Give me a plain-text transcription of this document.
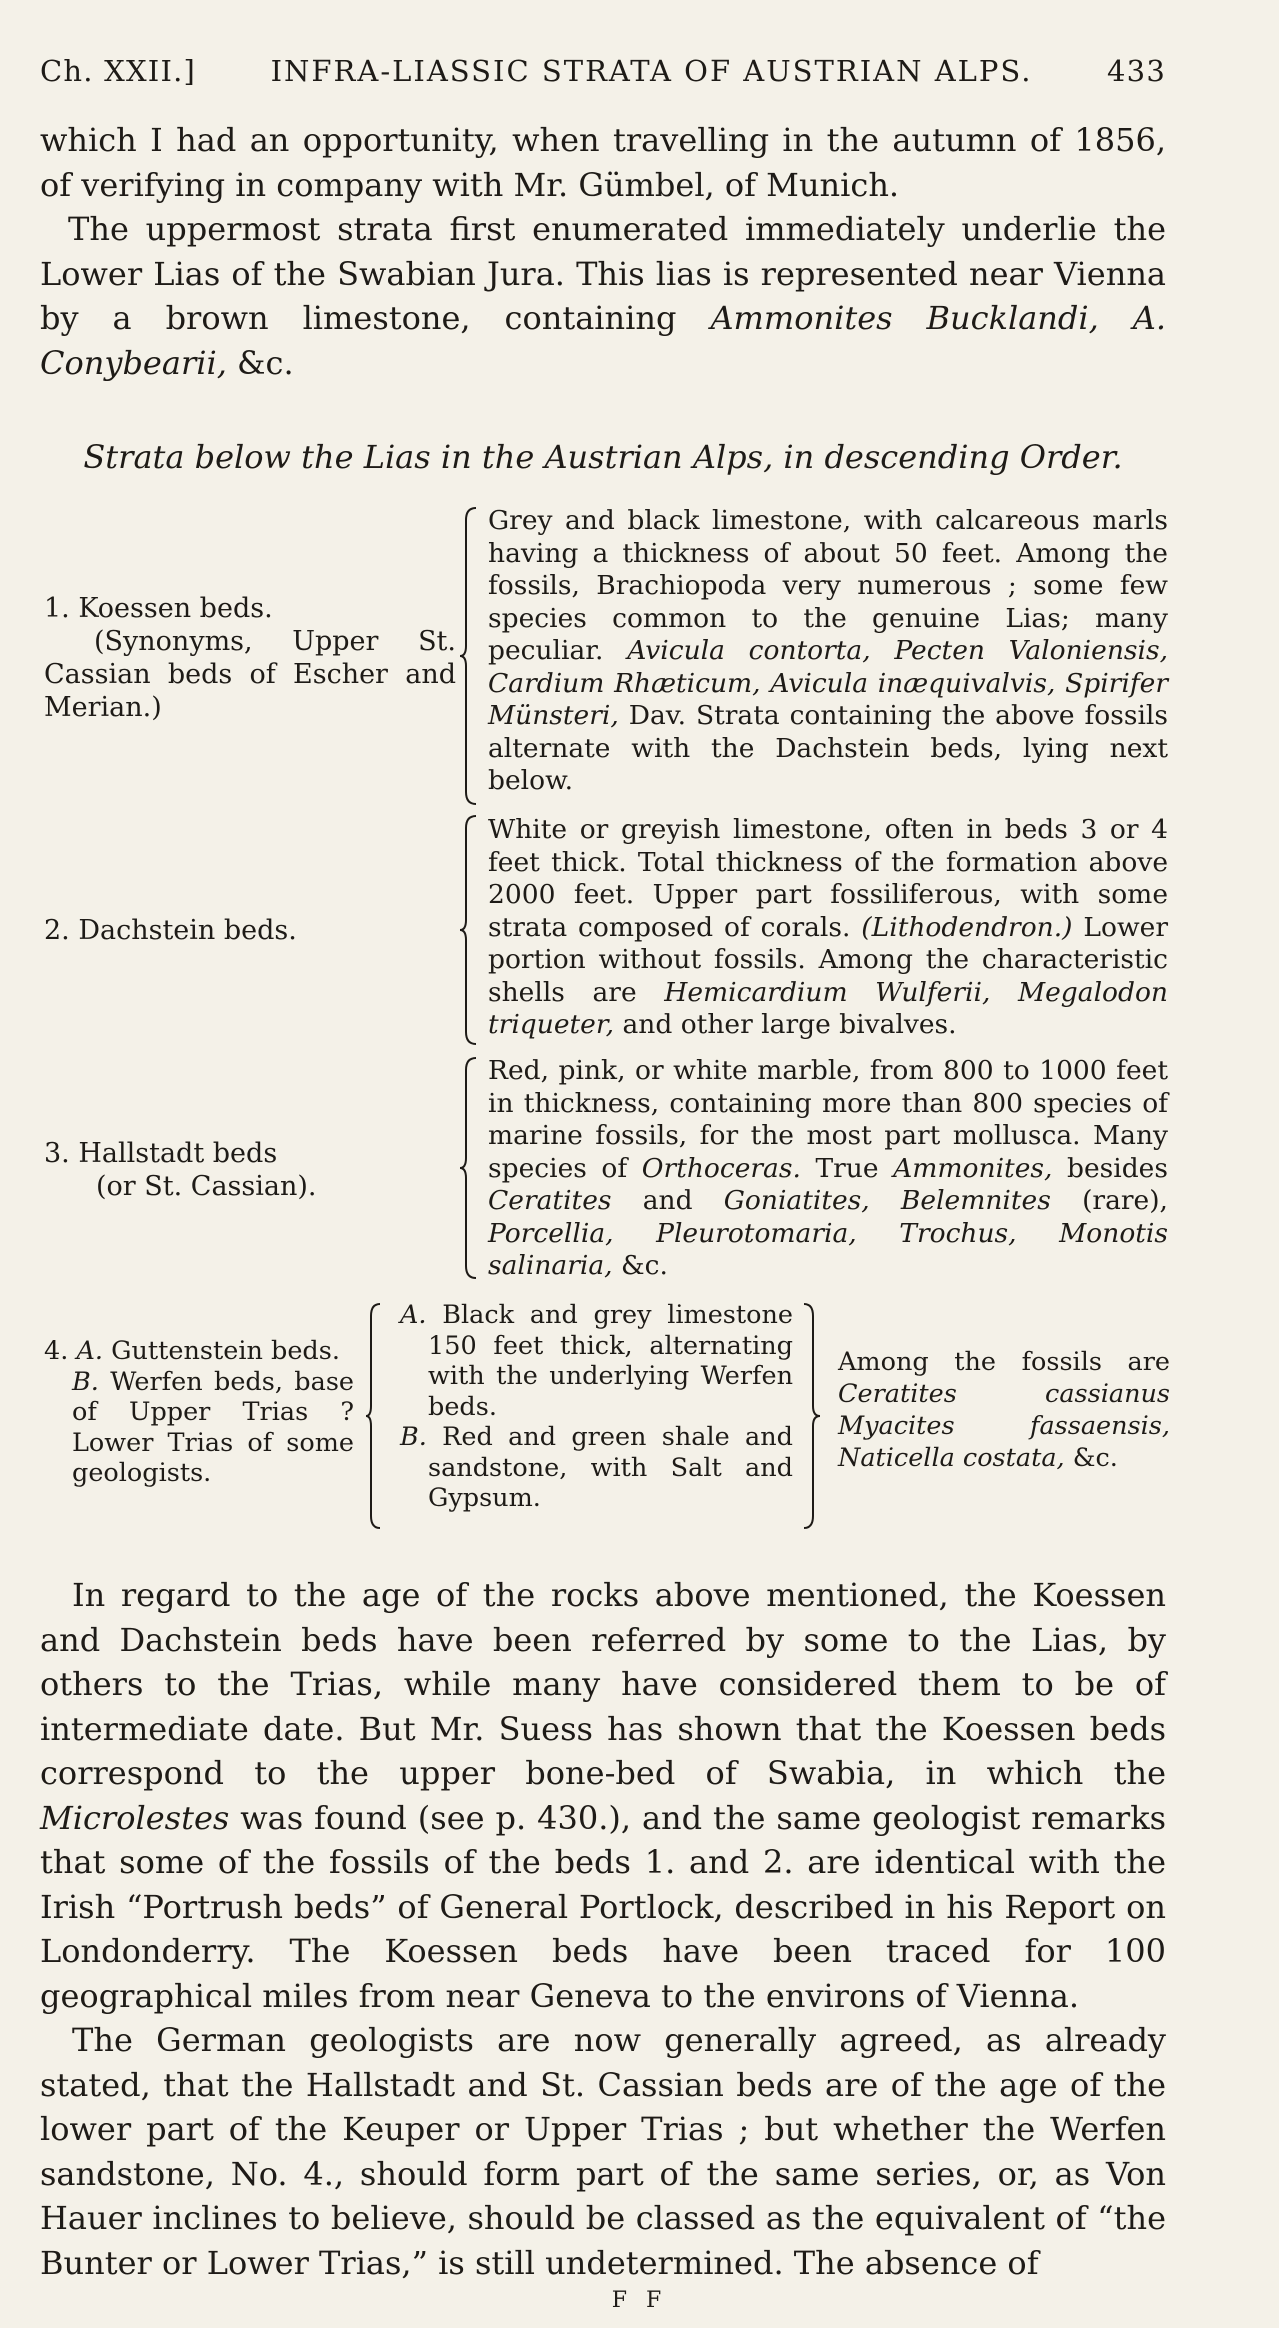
Ch. XXII.]	INFRA-LIASSIC STRATA OF AUSTRIAN ALPS.	433

which I had an opportunity, when travelling in the autumn of 1856, of verifying in company with Mr. Gümbel, of Munich.

The uppermost strata first enumerated immediately underlie the Lower Lias of the Swabian Jura. This lias is represented near Vienna by a brown limestone, containing Ammonites Bucklandi, A. Conybearii, &c.

Strata below the Lias in the Austrian Alps, in descending Order.

1. Koessen beds.
(Synonyms, Upper St. Cassian beds of Escher and Merian.)

Grey and black limestone, with calcareous marls having a thickness of about 50 feet. Among the fossils, Brachiopoda very numerous ; some few species common to the genuine Lias; many peculiar. Avicula contorta, Pecten Valoniensis, Cardium Rhæticum, Avicula inæquivalvis, Spirifer Münsteri, Dav. Strata containing the above fossils alternate with the Dachstein beds, lying next below.

2. Dachstein beds.

White or greyish limestone, often in beds 3 or 4 feet thick. Total thickness of the formation above 2000 feet. Upper part fossiliferous, with some strata composed of corals. (Lithodendron.) Lower portion without fossils. Among the characteristic shells are Hemicardium Wulferii, Megalodon triqueter, and other large bivalves.

3. Hallstadt beds
(or St. Cassian).

Red, pink, or white marble, from 800 to 1000 feet in thickness, containing more than 800 species of marine fossils, for the most part mollusca. Many species of Orthoceras. True Ammonites, besides Ceratites and Goniatites, Belemnites (rare), Porcellia, Pleurotomaria, Trochus, Monotis salinaria, &c.

4. A. Guttenstein beds.
B. Werfen beds, base of Upper Trias ? Lower Trias of some geologists.

A. Black and grey limestone 150 feet thick, alternating with the underlying Werfen beds.
B. Red and green shale and sandstone, with Salt and Gypsum.

Among the fossils are Ceratites cassianus Myacites fassaensis, Naticella costata, &c.

In regard to the age of the rocks above mentioned, the Koessen and Dachstein beds have been referred by some to the Lias, by others to the Trias, while many have considered them to be of intermediate date. But Mr. Suess has shown that the Koessen beds correspond to the upper bone-bed of Swabia, in which the Microlestes was found (see p. 430.), and the same geologist remarks that some of the fossils of the beds 1. and 2. are identical with the Irish “Portrush beds” of General Portlock, described in his Report on Londonderry. The Koessen beds have been traced for 100 geographical miles from near Geneva to the environs of Vienna.

The German geologists are now generally agreed, as already stated, that the Hallstadt and St. Cassian beds are of the age of the lower part of the Keuper or Upper Trias ; but whether the Werfen sandstone, No. 4., should form part of the same series, or, as Von Hauer inclines to believe, should be classed as the equivalent of “the Bunter or Lower Trias,” is still undetermined. The absence of

F F
